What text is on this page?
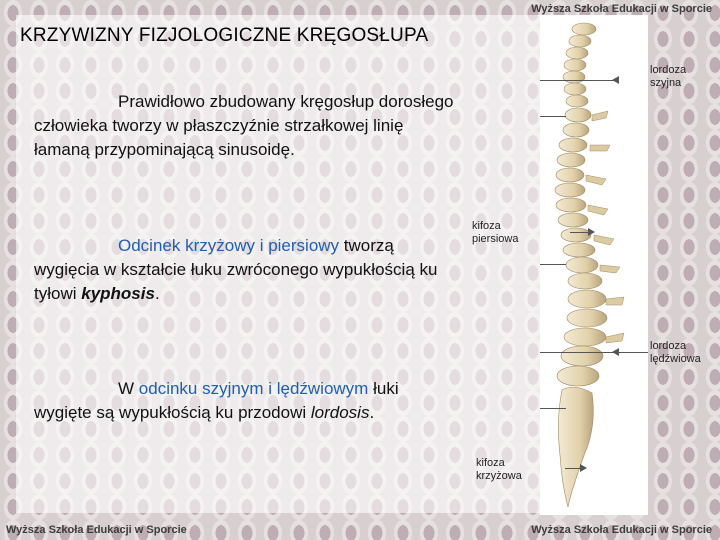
Wyższa Szkoła Edukacji w Sporcie
KRZYWIZNY FIZJOLOGICZNE KRĘGOSŁUPA
Prawidłowo zbudowany kręgosłup dorosłego człowieka tworzy w płaszczyźnie strzałkowej linię łamaną przypominającą sinusoidę.
Odcinek krzyżowy i piersiowy tworzą wygięcia w kształcie łuku zwróconego wypukłością ku tyłowi kyphosis.
W odcinku szyjnym i lędźwiowym łuki wygięte są wypukłością ku przodowi lordosis.
lordoza szyjna
kifoza piersiowa
lordoza lędźwiowa
kifoza krzyżowa
Wyższa Szkoła Edukacji w Sporcie	Wyższa Szkoła Edukacji w Sporcie
